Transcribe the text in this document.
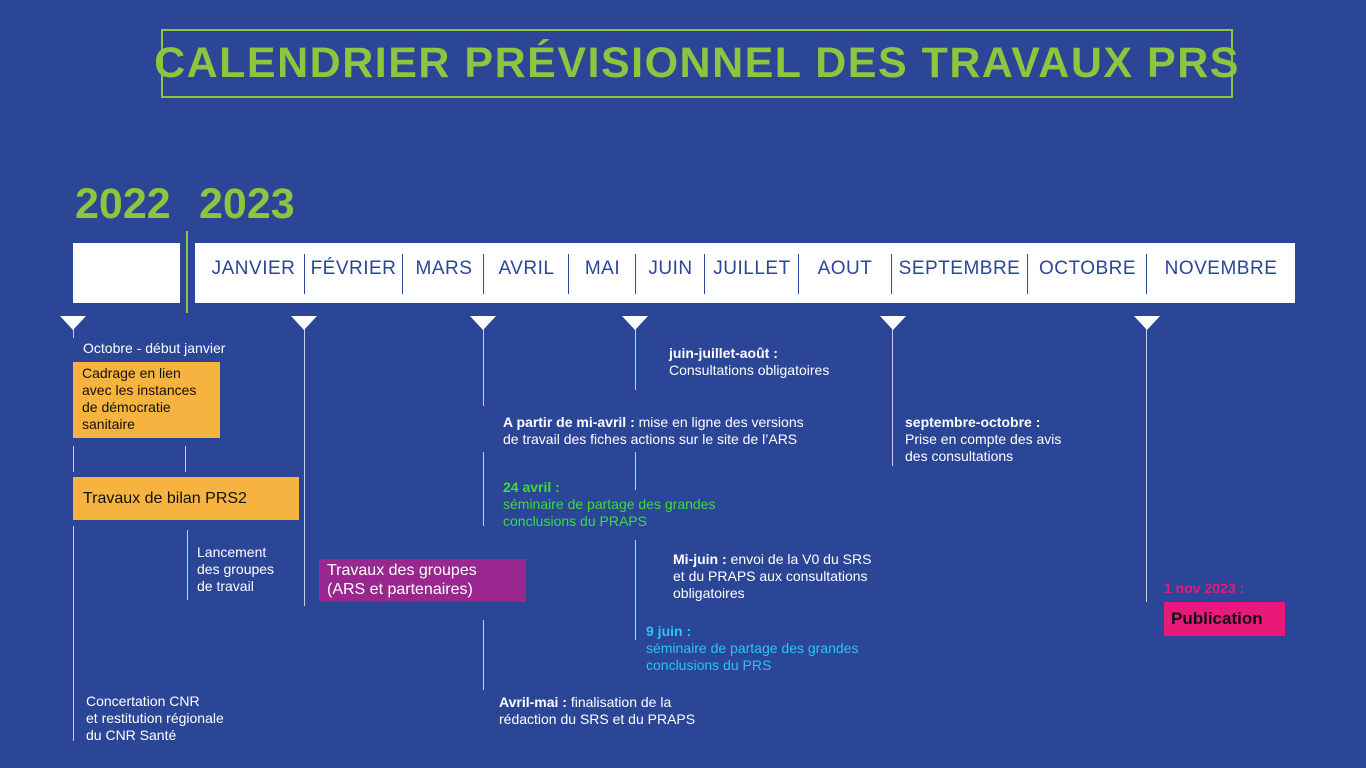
CALENDRIER PRÉVISIONNEL DES TRAVAUX PRS
2022 2023
JANVIER FÉVRIER	MARS	AVRIL	MAI	JUIN	JUILLET	AOUT	SEPTEMBRE OCTOBRE	NOVEMBRE
Octobre - début janvier
Cadrage en lien
avec les instances
de démocratie
sanitaire
Travaux de bilan PRS2
Lancement
des groupes
de travail
Travaux des groupes
(ARS et partenaires)
Concertation CNR
et restitution régionale
du CNR Santé
juin-juillet-août :
Consultations obligatoires
A partir de mi-avril : mise en ligne des versions
de travail des fiches actions sur le site de l’ARS
24 avril :
séminaire de partage des grandes
conclusions du PRAPS
Mi-juin : envoi de la V0 du SRS
et du PRAPS aux consultations
obligatoires
9 juin :
séminaire de partage des grandes
conclusions du PRS
Avril-mai : finalisation de la
rédaction du SRS et du PRAPS
septembre-octobre :
Prise en compte des avis
des consultations
1 nov 2023 :
Publication
